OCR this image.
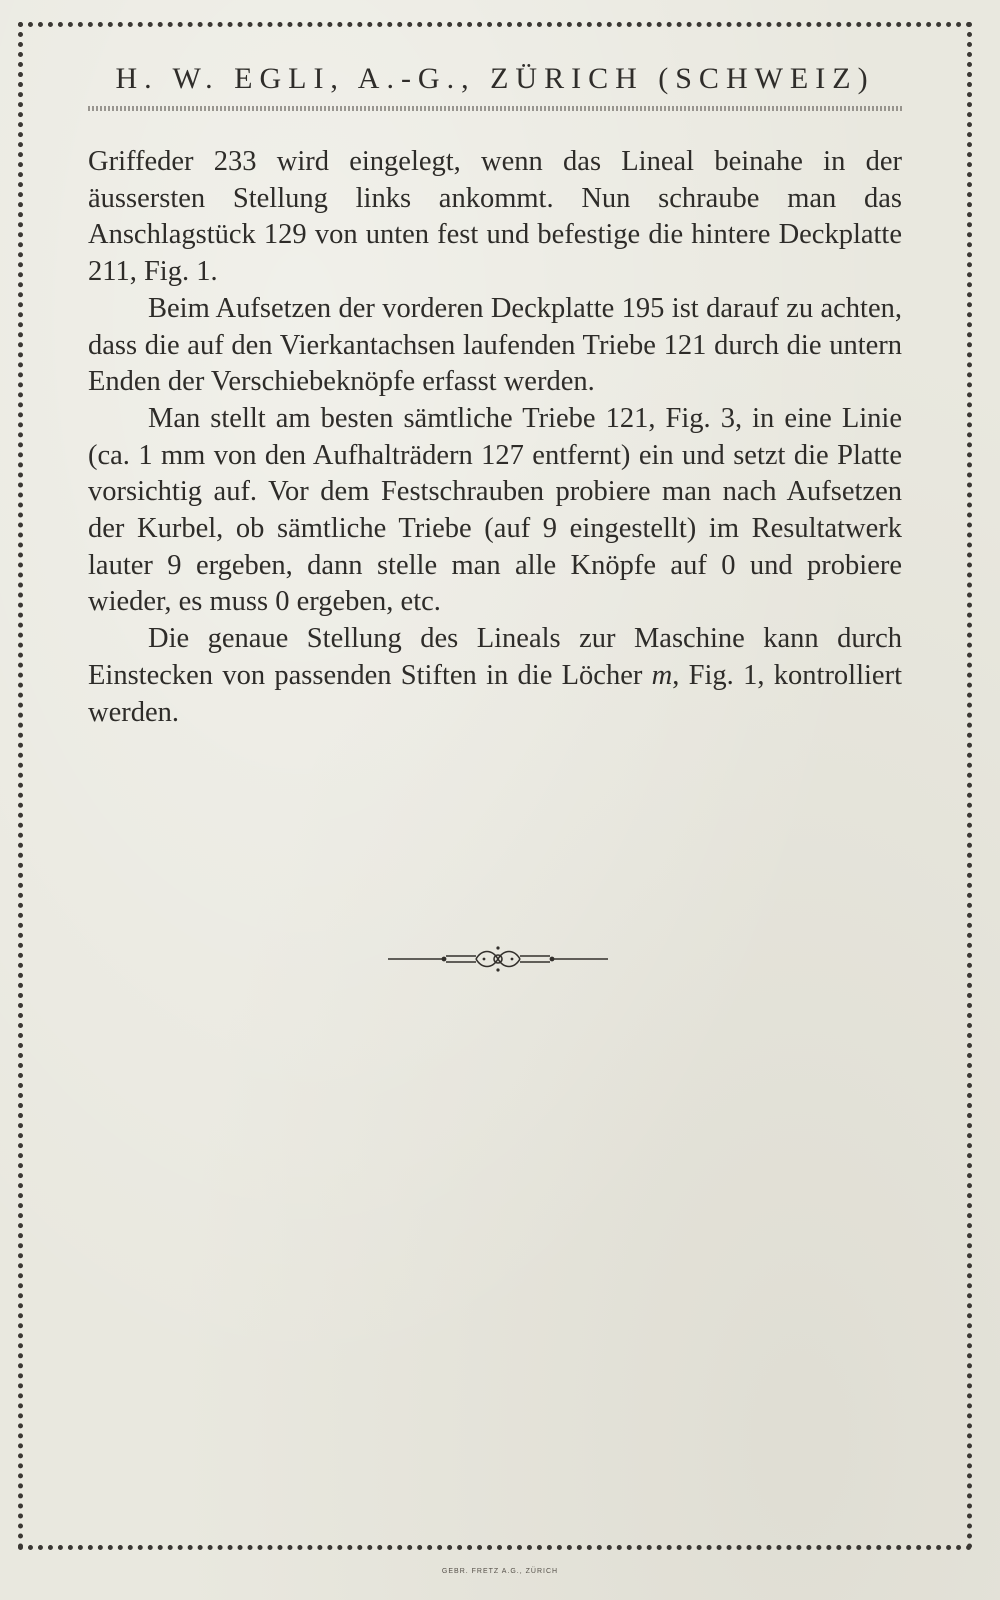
H. W. EGLI, A.-G., ZÜRICH (SCHWEIZ)

Griffeder 233 wird eingelegt, wenn das Lineal beinahe in der äussersten Stellung links ankommt. Nun schraube man das Anschlagstück 129 von unten fest und befestige die hintere Deckplatte 211, Fig. 1.

Beim Aufsetzen der vorderen Deckplatte 195 ist darauf zu achten, dass die auf den Vierkantachsen laufenden Triebe 121 durch die untern Enden der Verschiebeknöpfe erfasst werden.

Man stellt am besten sämtliche Triebe 121, Fig. 3, in eine Linie (ca. 1 mm von den Aufhalträdern 127 entfernt) ein und setzt die Platte vorsichtig auf. Vor dem Festschrauben probiere man nach Aufsetzen der Kurbel, ob sämtliche Triebe (auf 9 eingestellt) im Resultatwerk lauter 9 ergeben, dann stelle man alle Knöpfe auf 0 und probiere wieder, es muss 0 ergeben, etc.

Die genaue Stellung des Lineals zur Maschine kann durch Einstecken von passenden Stiften in die Löcher m, Fig. 1, kontrolliert werden.

GEBR. FRETZ A.G., ZÜRICH
